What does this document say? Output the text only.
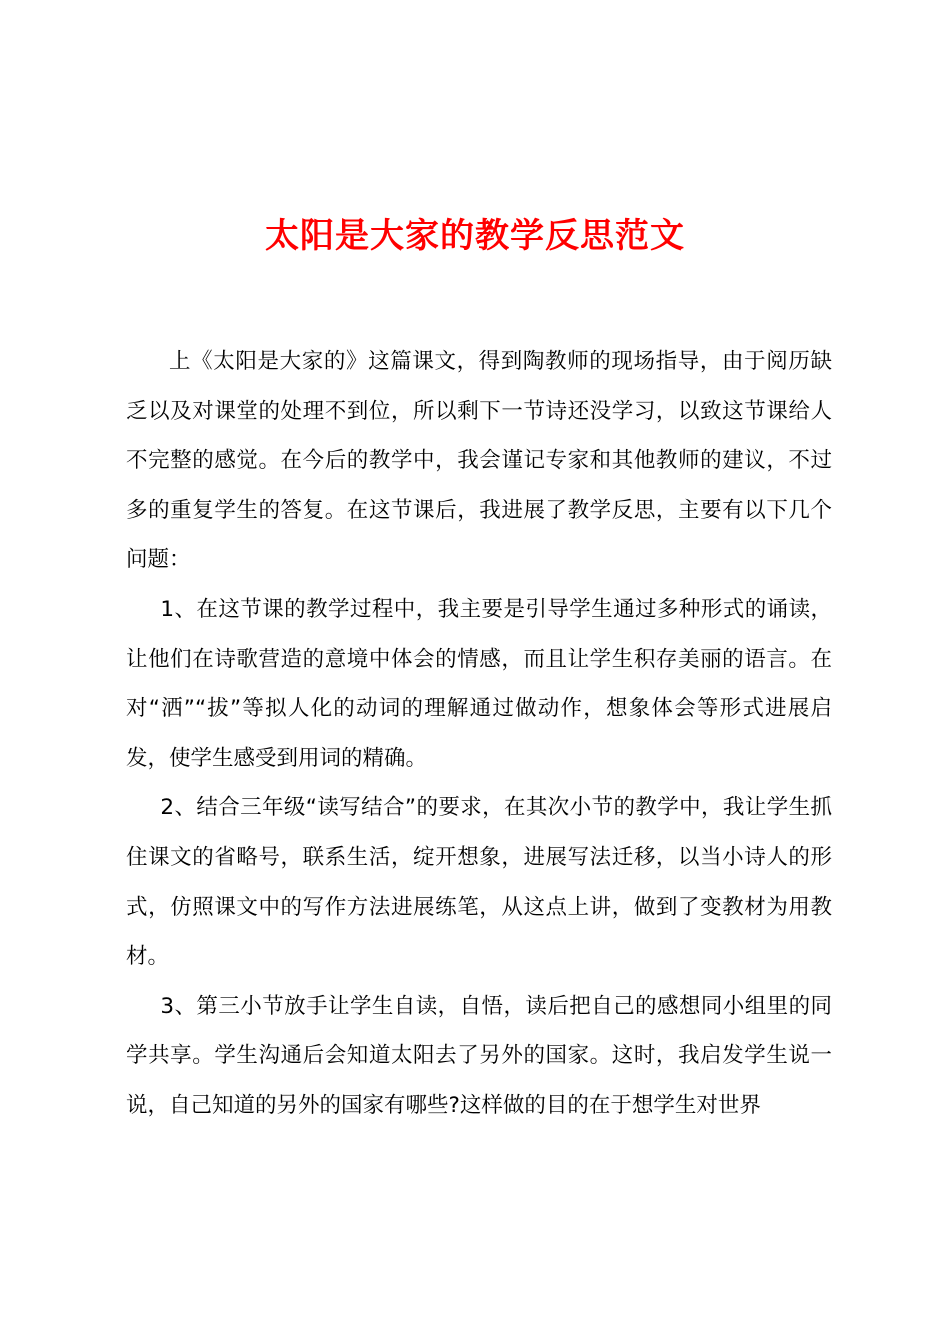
太阳是大家的教学反思范文

上《太阳是大家的》这篇课文，得到陶教师的现场指导，由于阅历缺乏以及对课堂的处理不到位，所以剩下一节诗还没学习，以致这节课给人不完整的感觉。在今后的教学中，我会谨记专家和其他教师的建议，不过多的重复学生的答复。在这节课后，我进展了教学反思，主要有以下几个问题：

1、在这节课的教学过程中，我主要是引导学生通过多种形式的诵读，让他们在诗歌营造的意境中体会的情感，而且让学生积存美丽的语言。在对“洒”“拔”等拟人化的动词的理解通过做动作，想象体会等形式进展启发，使学生感受到用词的精确。

2、结合三年级“读写结合”的要求，在其次小节的教学中，我让学生抓住课文的省略号，联系生活，绽开想象，进展写法迁移，以当小诗人的形式，仿照课文中的写作方法进展练笔，从这点上讲，做到了变教材为用教材。

3、第三小节放手让学生自读，自悟，读后把自己的感想同小组里的同学共享。学生沟通后会知道太阳去了另外的国家。这时，我启发学生说一说，自己知道的另外的国家有哪些?这样做的目的在于想学生对世界
